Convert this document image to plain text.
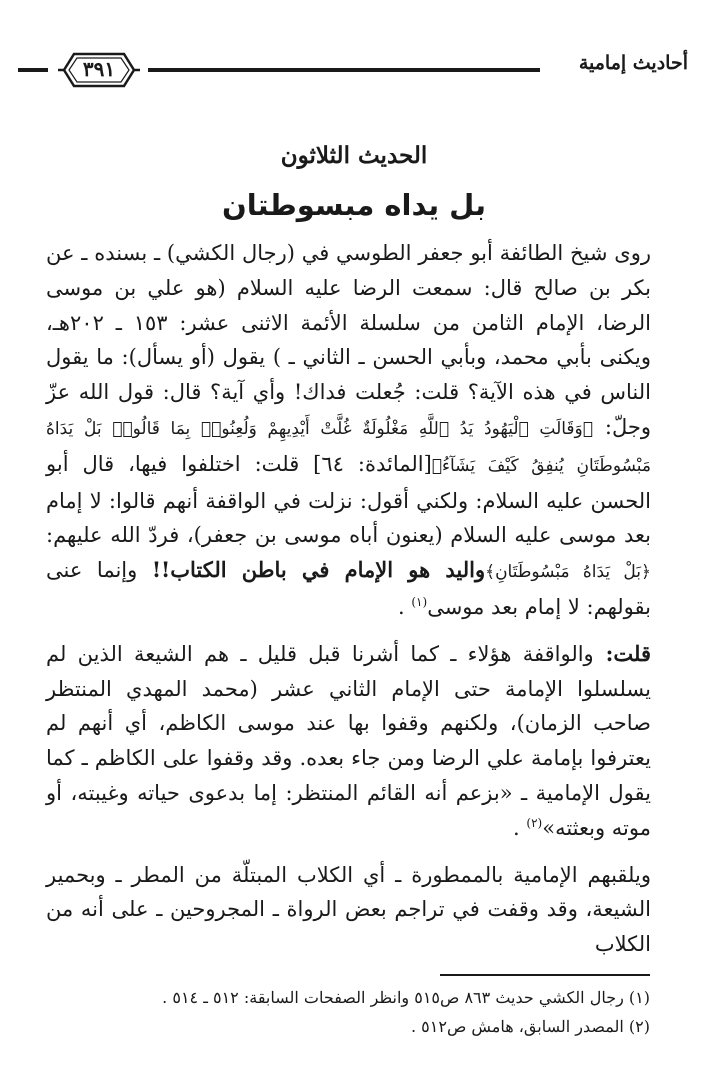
أحاديث إمامية
٣٩١
الحديث الثلاثون
بل يداه مبسوطتان

روى شيخ الطائفة أبو جعفر الطوسي في (رجال الكشي) ـ بسنده ـ عن بكر بن صالح قال: سمعت الرضا عليه السلام (هو علي بن موسى الرضا، الإمام الثامن من سلسلة الأئمة الاثنى عشر: ١٥٣ ـ ٢٠٢هـ، ويكنى بأبي محمد، وبأبي الحسن ـ الثاني ـ ) يقول (أو يسأل): ما يقول الناس في هذه الآية؟ قلت: جُعلت فداك! وأي آية؟ قال: قول الله عزّ وجلّ: ﴿وَقَالَتِ ٱلْيَهُودُ يَدُ ٱللَّهِ مَغْلُولَةٌ غُلَّتْ أَيْدِيهِمْ وَلُعِنُوا۟ بِمَا قَالُوا۟ بَلْ يَدَاهُ مَبْسُوطَتَانِ يُنفِقُ كَيْفَ يَشَآءُ﴾[المائدة: ٦٤] قلت: اختلفوا فيها، قال أبو الحسن عليه السلام: ولكني أقول: نزلت في الواقفة أنهم قالوا: لا إمام بعد موسى عليه السلام (يعنون أباه موسى بن جعفر)، فردّ الله عليهم: ﴿بَلْ يَدَاهُ مَبْسُوطَتَانِ﴾واليد هو الإمام في باطن الكتاب!! وإنما عنى بقولهم: لا إمام بعد موسى$^{(١)}$ .

قلت: والواقفة هؤلاء ـ كما أشرنا قبل قليل ـ هم الشيعة الذين لم يسلسلوا الإمامة حتى الإمام الثاني عشر (محمد المهدي المنتظر صاحب الزمان)، ولكنهم وقفوا بها عند موسى الكاظم، أي أنهم لم يعترفوا بإمامة علي الرضا ومن جاء بعده. وقد وقفوا على الكاظم ـ كما يقول الإمامية ـ «بزعم أنه القائم المنتظر: إما بدعوى حياته وغيبته، أو موته وبعثته»$^{(٢)}$ .

ويلقبهم الإمامية بالممطورة ـ أي الكلاب المبتلّة من المطر ـ وبحمير الشيعة، وقد وقفت في تراجم بعض الرواة ـ المجروحين ـ على أنه من الكلاب

(١) رجال الكشي حديث ٨٦٣ ص٥١٥ وانظر الصفحات السابقة: ٥١٢ ـ ٥١٤ .
(٢) المصدر السابق، هامش ص٥١٢ .
